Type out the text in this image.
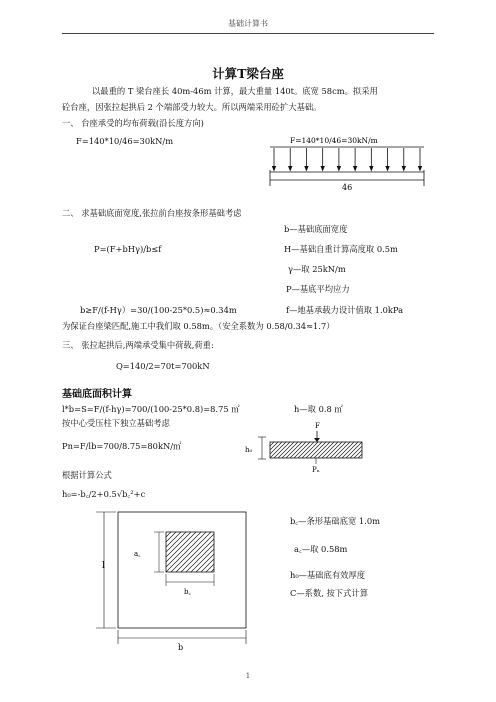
基础计算书
计算T梁台座
以最重的 T 梁台座长 40m-46m 计算，最大重量 140t。底宽 58cm。拟采用
砼台座，因张拉起拱后 2 个端部受力较大。所以两端采用砼扩大基础。
一、 台座承受的均布荷载(沿长度方向)
F=140*10/46=30kN/m	F=140*10/46=30kN/m
46
二、 求基础底面宽度,张拉前台座按条形基础考虑
b—基础底面宽度
P=(F+bHγ)/b≤f	H—基础自重计算高度取 0.5m
γ—取 25kN/m
P—基底平均应力
b≥F/(f-Hγ）=30/(100-25*0.5)≈0.34m	f—地基承载力设计值取 1.0kPa
为保证台座梁匹配,施工中我们取 0.58m。（安全系数为 0.58/0.34≈1.7）
三、 张拉起拱后,两端承受集中荷载,荷重:
Q=140/2=70t=700kN
基础底面积计算
l*b=S=F/(f-hγ)=700/(100-25*0.8)=8.75 ㎡	h—取 0.8 ㎡
按中心受压柱下独立基础考虑	F
h₀
Pₙ
Pn=F/lb=700/8.75=80kN/㎡
根据计算公式
h₀=-b꜀/2+0.5√b꜀²+c
l
a꜀
b꜀
b
b꜀—条形基础底宽 1.0m
a꜀—取 0.58m
h₀—基础底有效厚度
C—系数, 按下式计算
1
